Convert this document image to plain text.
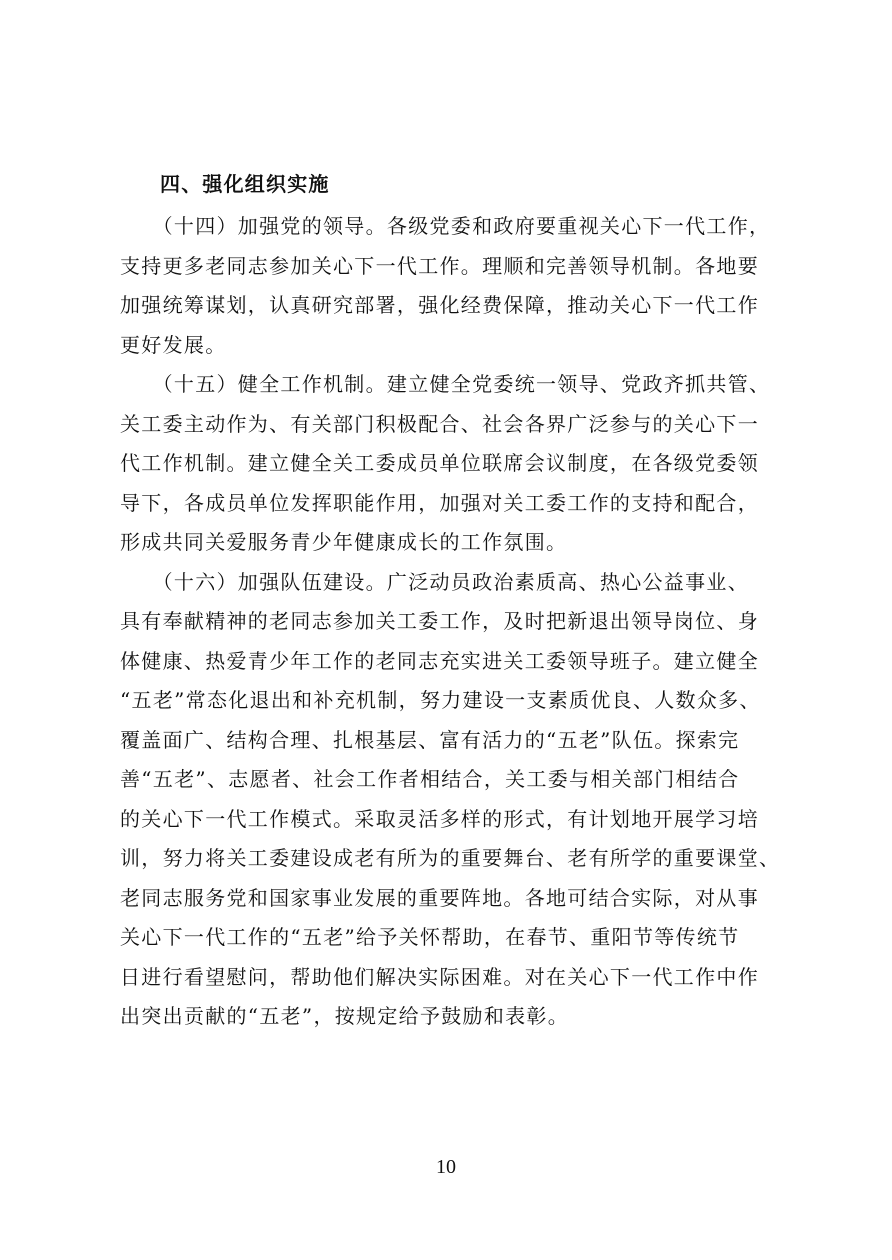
四、强化组织实施

　　（十四）加强党的领导。各级党委和政府要重视关心下一代工作，

支持更多老同志参加关心下一代工作。理顺和完善领导机制。各地要

加强统筹谋划，认真研究部署，强化经费保障，推动关心下一代工作

更好发展。

　　（十五）健全工作机制。建立健全党委统一领导、党政齐抓共管、

关工委主动作为、有关部门积极配合、社会各界广泛参与的关心下一

代工作机制。建立健全关工委成员单位联席会议制度，在各级党委领

导下，各成员单位发挥职能作用，加强对关工委工作的支持和配合，

形成共同关爱服务青少年健康成长的工作氛围。

　　（十六）加强队伍建设。广泛动员政治素质高、热心公益事业、

具有奉献精神的老同志参加关工委工作，及时把新退出领导岗位、身

体健康、热爱青少年工作的老同志充实进关工委领导班子。建立健全

“五老”常态化退出和补充机制，努力建设一支素质优良、人数众多、

覆盖面广、结构合理、扎根基层、富有活力的“五老”队伍。探索完

善“五老”、志愿者、社会工作者相结合，关工委与相关部门相结合

的关心下一代工作模式。采取灵活多样的形式，有计划地开展学习培

训，努力将关工委建设成老有所为的重要舞台、老有所学的重要课堂、

老同志服务党和国家事业发展的重要阵地。各地可结合实际，对从事

关心下一代工作的“五老”给予关怀帮助，在春节、重阳节等传统节

日进行看望慰问，帮助他们解决实际困难。对在关心下一代工作中作

出突出贡献的“五老”，按规定给予鼓励和表彰。

10
